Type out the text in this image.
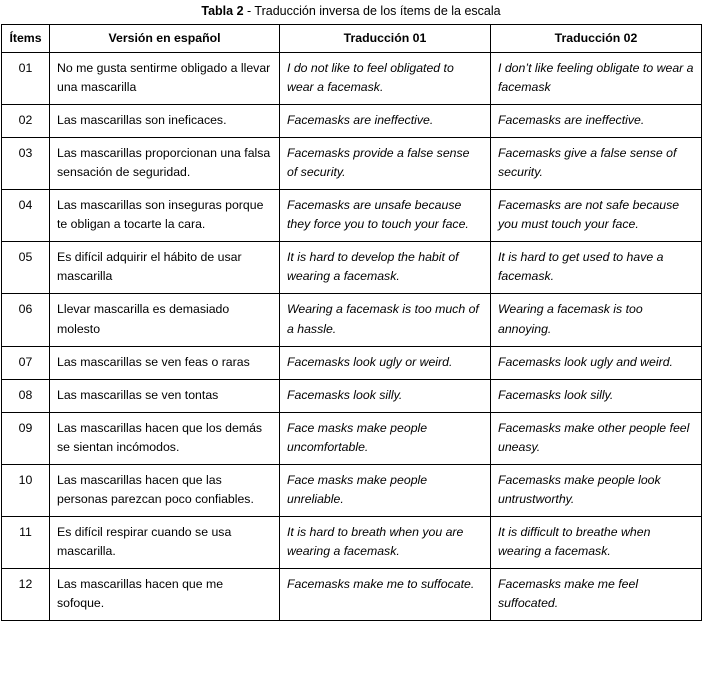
Tabla 2 - Traducción inversa de los ítems de la escala
Ítems	Versión en español	Traducción 01	Traducción 02
01	No me gusta sentirme obligado a llevar una mascarilla	I do not like to feel obligated to wear a facemask.	I don’t like feeling obligate to wear a facemask
02	Las mascarillas son ineficaces.	Facemasks are ineffective.	Facemasks are ineffective.
03	Las mascarillas proporcionan una falsa sensación de seguridad.	Facemasks provide a false sense of security.	Facemasks give a false sense of security.
04	Las mascarillas son inseguras porque te obligan a tocarte la cara.	Facemasks are unsafe because they force you to touch your face.	Facemasks are not safe because you must touch your face.
05	Es difícil adquirir el hábito de usar mascarilla	It is hard to develop the habit of wearing a facemask.	It is hard to get used to have a facemask.
06	Llevar mascarilla es demasiado molesto	Wearing a facemask is too much of a hassle.	Wearing a facemask is too annoying.
07	Las mascarillas se ven feas o raras	Facemasks look ugly or weird.	Facemasks look ugly and weird.
08	Las mascarillas se ven tontas	Facemasks look silly.	Facemasks look silly.
09	Las mascarillas hacen que los demás se sientan incómodos.	Face masks make people uncomfortable.	Facemasks make other people feel uneasy.
10	Las mascarillas hacen que las personas parezcan poco confiables.	Face masks make people unreliable.	Facemasks make people look untrustworthy.
11	Es difícil respirar cuando se usa mascarilla.	It is hard to breath when you are wearing a facemask.	It is difficult to breathe when wearing a facemask.
12	Las mascarillas hacen que me sofoque.	Facemasks make me to suffocate.	Facemasks make me feel suffocated.
